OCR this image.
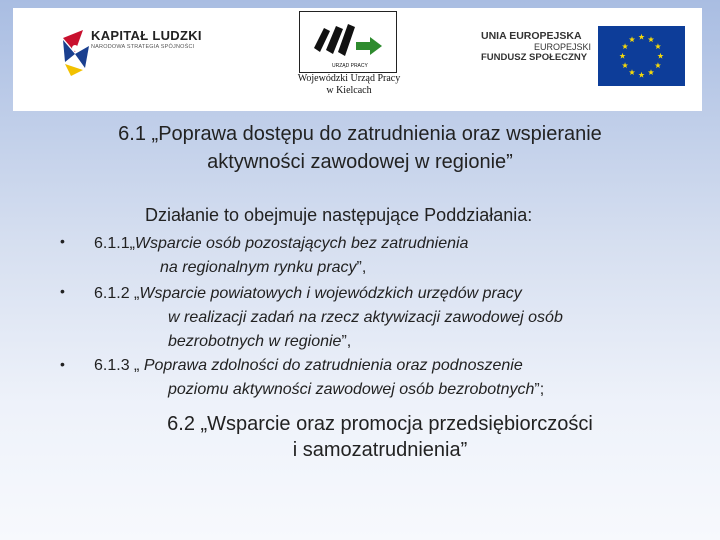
KAPITAŁ LUDZKI
NARODOWA STRATEGIA SPÓJNOŚCI
URZĄD PRACY
Wojewódzki Urząd Pracy
w Kielcach
UNIA EUROPEJSKA
EUROPEJSKI
FUNDUSZ SPOŁECZNY
6.1 „Poprawa dostępu do zatrudnienia oraz wspieranie
aktywności zawodowej w regionie”
Działanie to obejmuje następujące Poddziałania:
• 6.1.1„Wsparcie osób pozostających bez zatrudnienia
na regionalnym rynku pracy”,
• 6.1.2 „Wsparcie powiatowych i wojewódzkich urzędów pracy
w realizacji zadań na rzecz aktywizacji zawodowej osób
bezrobotnych w regionie”,
• 6.1.3 „ Poprawa zdolności do zatrudnienia oraz podnoszenie
poziomu aktywności zawodowej osób bezrobotnych”;
6.2 „Wsparcie oraz promocja przedsiębiorczości
i samozatrudnienia”
